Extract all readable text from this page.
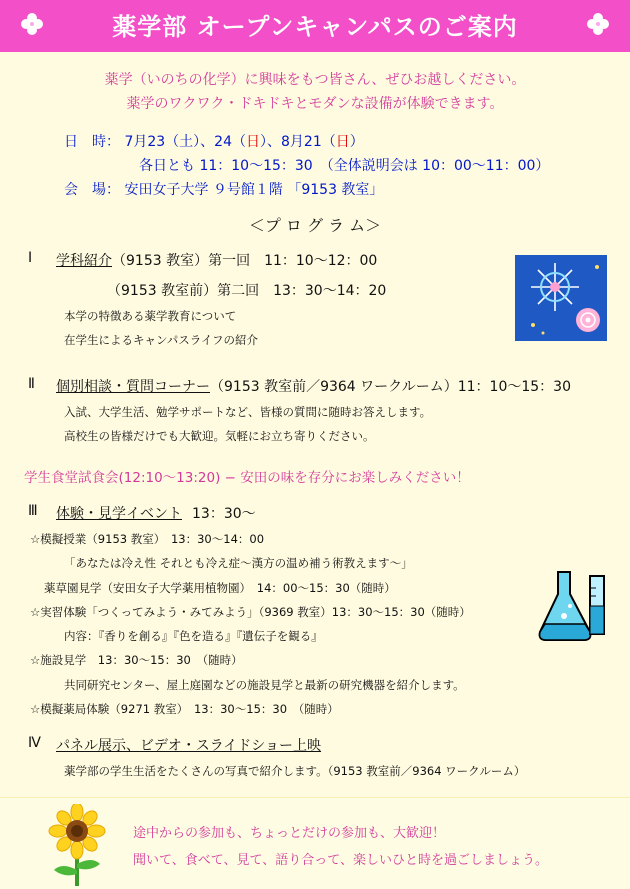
薬学部 オープンキャンパスのご案内
薬学（いのちの化学）に興味をもつ皆さん、ぜひお越しください。
薬学のワクワク・ドキドキとモダンな設備が体験できます。
日　時： 7月23（土）、24（日）、8月21（日）
各日とも 11：10〜15：30　（全体説明会は 10：00〜11：00）
会　場： 安田女子大学 ９号館１階 「9153 教室」
＜プ ロ グ ラ ム＞
Ⅰ 学科紹介（9153 教室）第一回　11：10〜12：00
（9153 教室前）第二回　13：30〜14：20
本学の特徴ある薬学教育について
在学生によるキャンパスライフの紹介
Ⅱ 個別相談・質問コーナー（9153 教室前／9364 ワークルーム）11：10〜15：30
入試、大学生活、勉学サポートなど、皆様の質問に随時お答えします。
高校生の皆様だけでも大歓迎。気軽にお立ち寄りください。
学生食堂試食会(12:10〜13:20) − 安田の味を存分にお楽しみください！
Ⅲ 体験・見学イベント 13：30〜
☆模擬授業（9153 教室）　13：30〜14：00
「あなたは冷え性 それとも冷え症〜漢方の温め補う術教えます〜」
薬草園見学（安田女子大学薬用植物園）　14：00〜15：30（随時）
☆実習体験「つくってみよう・みてみよう」（9369 教室）13：30〜15：30（随時）
内容：『香りを創る』『色を造る』『遺伝子を観る』
☆施設見学　13：30〜15：30　（随時）
共同研究センター、屋上庭園などの施設見学と最新の研究機器を紹介します。
☆模擬薬局体験（9271 教室）　13：30〜15：30　（随時）
Ⅳ パネル展示、ビデオ・スライドショー上映
薬学部の学生生活をたくさんの写真で紹介します。（9153 教室前／9364 ワークルーム）
途中からの参加も、ちょっとだけの参加も、大歓迎！
聞いて、食べて、見て、語り合って、楽しいひと時を過ごしましょう。
